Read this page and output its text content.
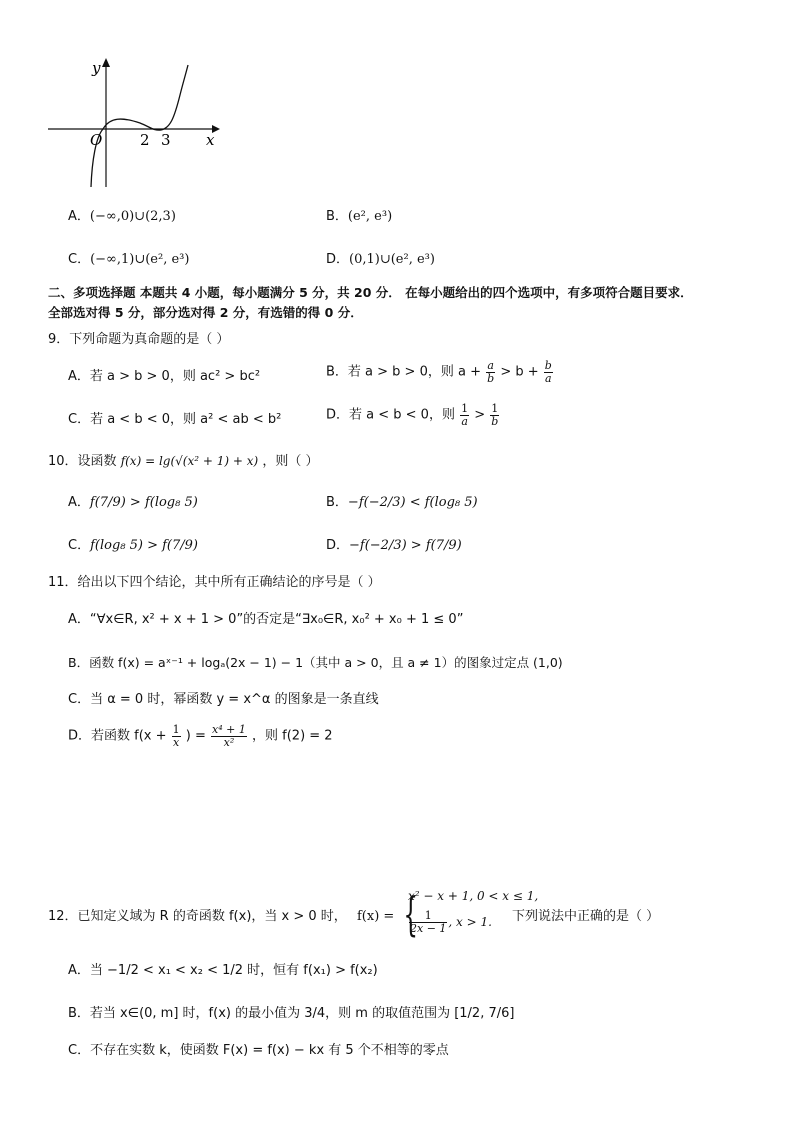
y
x
O	2 3
A．(−∞,0)∪(2,3)	B．(e², e³)
C．(−∞,1)∪(e², e³)	D．(0,1)∪(e², e³)
二、多项选择题 本题共 4 小题，每小题满分 5 分，共 20 分． 在每小题给出的四个选项中，有多项符合题目要求．
全部选对得 5 分，部分选对得 2 分，有选错的得 0 分．
9．下列命题为真命题的是（ ）
A．若 a > b > 0，则 ac² > bc²	B．若 a > b > 0，则 $a + \frac{a}{b} > b + \frac{b}{a}$
C．若 a < b < 0，则 a² < ab < b²	D．若 a < b < 0，则 $\frac{1}{a} > \frac{1}{b}$
10．设函数 f(x) = lg(√(x² + 1) + x) ，则（ ）
A．f(7/9) > f(log₈ 5)	B．−f(−2/3) < f(log₈ 5)
C．f(log₈ 5) > f(7/9)	D．−f(−2/3) > f(7/9)
11．给出以下四个结论，其中所有正确结论的序号是（ ）
A．“∀x∈R, x² + x + 1 > 0”的否定是“∃x₀∈R, x₀² + x₀ + 1 ≤ 0”
B．函数 f(x) = aˣ⁻¹ + logₐ(2x − 1) − 1（其中 a > 0，且 a ≠ 1）的图象过定点 (1,0)
C．当 α = 0 时，幂函数 y = x^α 的图象是一条直线
D．若函数 $f(x + \frac{1}{x}$ ) = $\frac{\text{x⁴ + 1}}{\text{x²}}$ ，则 f(2) = 2
12．已知定义域为 R 的奇函数 f(x)，当 x > 0 时， f(x) = {
x² − x + 1, 0 < x ≤ 1,
$\frac{1}{2x - 1}$ , x > 1. 下列说法中正确的是（ ）
A．当 −1/2 < x₁ < x₂ < 1/2 时，恒有 f(x₁) > f(x₂)
B．若当 x∈(0, m] 时，f(x) 的最小值为 3/4，则 m 的取值范围为 [1/2, 7/6]
C．不存在实数 k，使函数 F(x) = f(x) − kx 有 5 个不相等的零点
